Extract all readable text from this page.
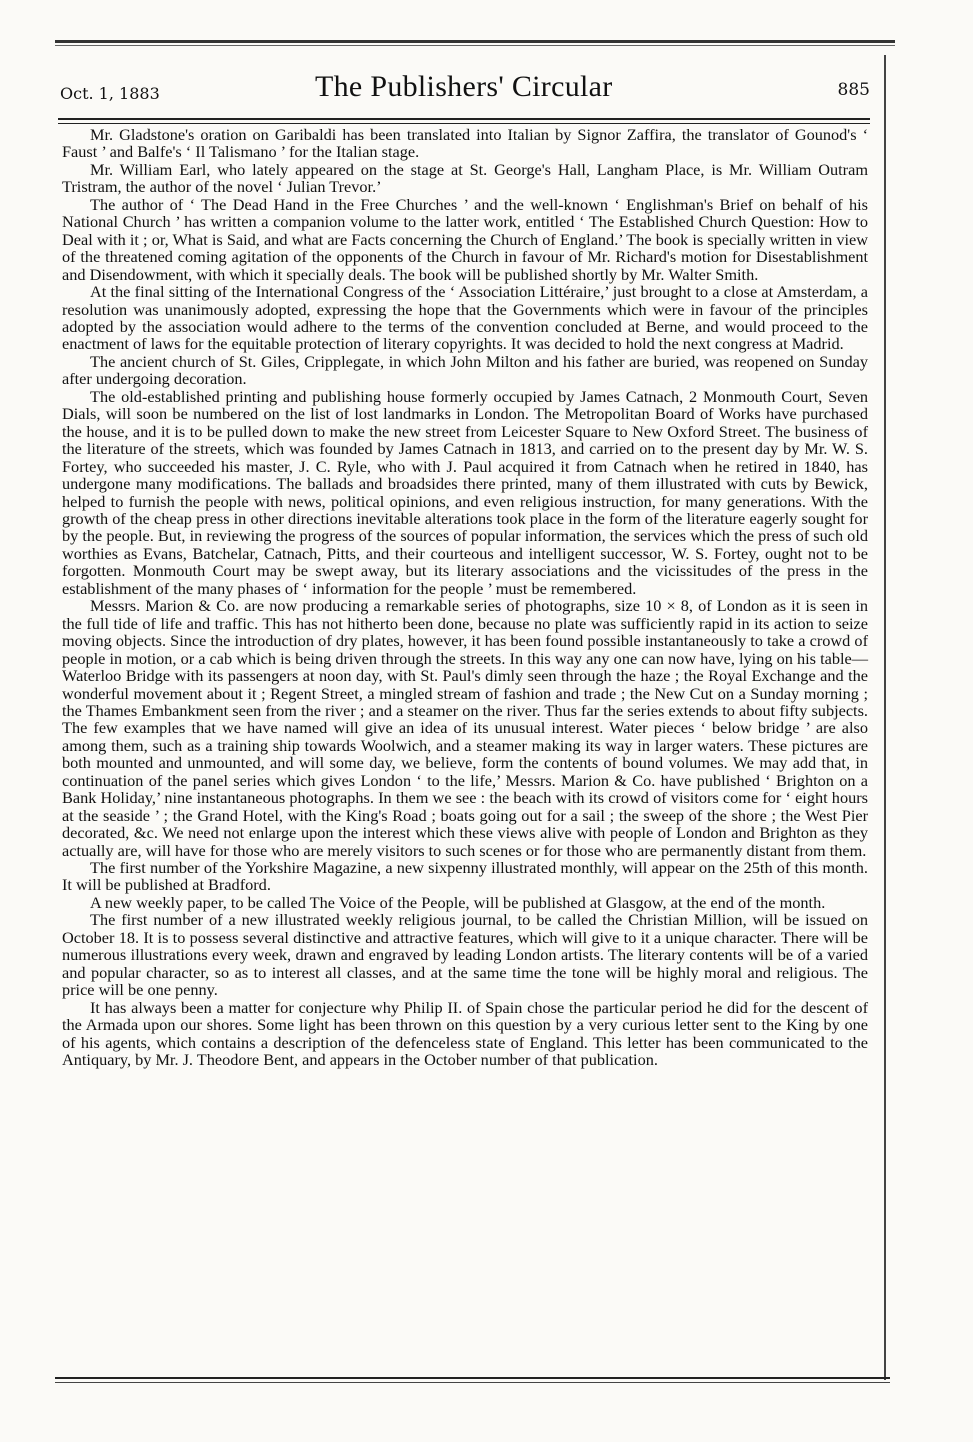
Oct. 1, 1883	The Publishers' Circular	885

Mr. Gladstone's oration on Garibaldi has been translated into Italian by Signor Zaffira, the translator of Gounod's ‘ Faust ’ and Balfe's ‘ Il Talismano ’ for the Italian stage.

Mr. William Earl, who lately appeared on the stage at St. George's Hall, Langham Place, is Mr. William Outram Tristram, the author of the novel ‘ Julian Trevor.’

The author of ‘ The Dead Hand in the Free Churches ’ and the well-known ‘ Englishman's Brief on behalf of his National Church ’ has written a companion volume to the latter work, entitled ‘ The Established Church Question: How to Deal with it ; or, What is Said, and what are Facts concerning the Church of England.’ The book is specially written in view of the threatened coming agitation of the opponents of the Church in favour of Mr. Richard's motion for Disestablishment and Disendowment, with which it specially deals. The book will be published shortly by Mr. Walter Smith.

At the final sitting of the International Congress of the ‘ Association Littéraire,’ just brought to a close at Amsterdam, a resolution was unanimously adopted, expressing the hope that the Governments which were in favour of the principles adopted by the association would adhere to the terms of the convention concluded at Berne, and would proceed to the enactment of laws for the equitable protection of literary copyrights. It was decided to hold the next congress at Madrid.

The ancient church of St. Giles, Cripplegate, in which John Milton and his father are buried, was reopened on Sunday after undergoing decoration.

The old-established printing and publishing house formerly occupied by James Catnach, 2 Monmouth Court, Seven Dials, will soon be numbered on the list of lost landmarks in London. The Metropolitan Board of Works have purchased the house, and it is to be pulled down to make the new street from Leicester Square to New Oxford Street. The business of the literature of the streets, which was founded by James Catnach in 1813, and carried on to the present day by Mr. W. S. Fortey, who succeeded his master, J. C. Ryle, who with J. Paul acquired it from Catnach when he retired in 1840, has undergone many modifications. The ballads and broadsides there printed, many of them illustrated with cuts by Bewick, helped to furnish the people with news, political opinions, and even religious instruction, for many generations. With the growth of the cheap press in other directions inevitable alterations took place in the form of the literature eagerly sought for by the people. But, in reviewing the progress of the sources of popular information, the services which the press of such old worthies as Evans, Batchelar, Catnach, Pitts, and their courteous and intelligent successor, W. S. Fortey, ought not to be forgotten. Monmouth Court may be swept away, but its literary associations and the vicissitudes of the press in the establishment of the many phases of ‘ information for the people ’ must be remembered.

Messrs. Marion & Co. are now producing a remarkable series of photographs, size 10 × 8, of London as it is seen in the full tide of life and traffic. This has not hitherto been done, because no plate was sufficiently rapid in its action to seize moving objects. Since the introduction of dry plates, however, it has been found possible instantaneously to take a crowd of people in motion, or a cab which is being driven through the streets. In this way any one can now have, lying on his table—Waterloo Bridge with its passengers at noon day, with St. Paul's dimly seen through the haze ; the Royal Exchange and the wonderful movement about it ; Regent Street, a mingled stream of fashion and trade ; the New Cut on a Sunday morning ; the Thames Embankment seen from the river ; and a steamer on the river. Thus far the series extends to about fifty subjects. The few examples that we have named will give an idea of its unusual interest. Water pieces ‘ below bridge ’ are also among them, such as a training ship towards Woolwich, and a steamer making its way in larger waters. These pictures are both mounted and unmounted, and will some day, we believe, form the contents of bound volumes. We may add that, in continuation of the panel series which gives London ‘ to the life,’ Messrs. Marion & Co. have published ‘ Brighton on a Bank Holiday,’ nine instantaneous photographs. In them we see : the beach with its crowd of visitors come for ‘ eight hours at the seaside ’ ; the Grand Hotel, with the King's Road ; boats going out for a sail ; the sweep of the shore ; the West Pier decorated, &c. We need not enlarge upon the interest which these views alive with people of London and Brighton as they actually are, will have for those who are merely visitors to such scenes or for those who are permanently distant from them.

The first number of the Yorkshire Magazine, a new sixpenny illustrated monthly, will appear on the 25th of this month. It will be published at Bradford.

A new weekly paper, to be called The Voice of the People, will be published at Glasgow, at the end of the month.

The first number of a new illustrated weekly religious journal, to be called the Christian Million, will be issued on October 18. It is to possess several distinctive and attractive features, which will give to it a unique character. There will be numerous illustrations every week, drawn and engraved by leading London artists. The literary contents will be of a varied and popular character, so as to interest all classes, and at the same time the tone will be highly moral and religious. The price will be one penny.

It has always been a matter for conjecture why Philip II. of Spain chose the particular period he did for the descent of the Armada upon our shores. Some light has been thrown on this question by a very curious letter sent to the King by one of his agents, which contains a description of the defenceless state of England. This letter has been communicated to the Antiquary, by Mr. J. Theodore Bent, and appears in the October number of that publication.
